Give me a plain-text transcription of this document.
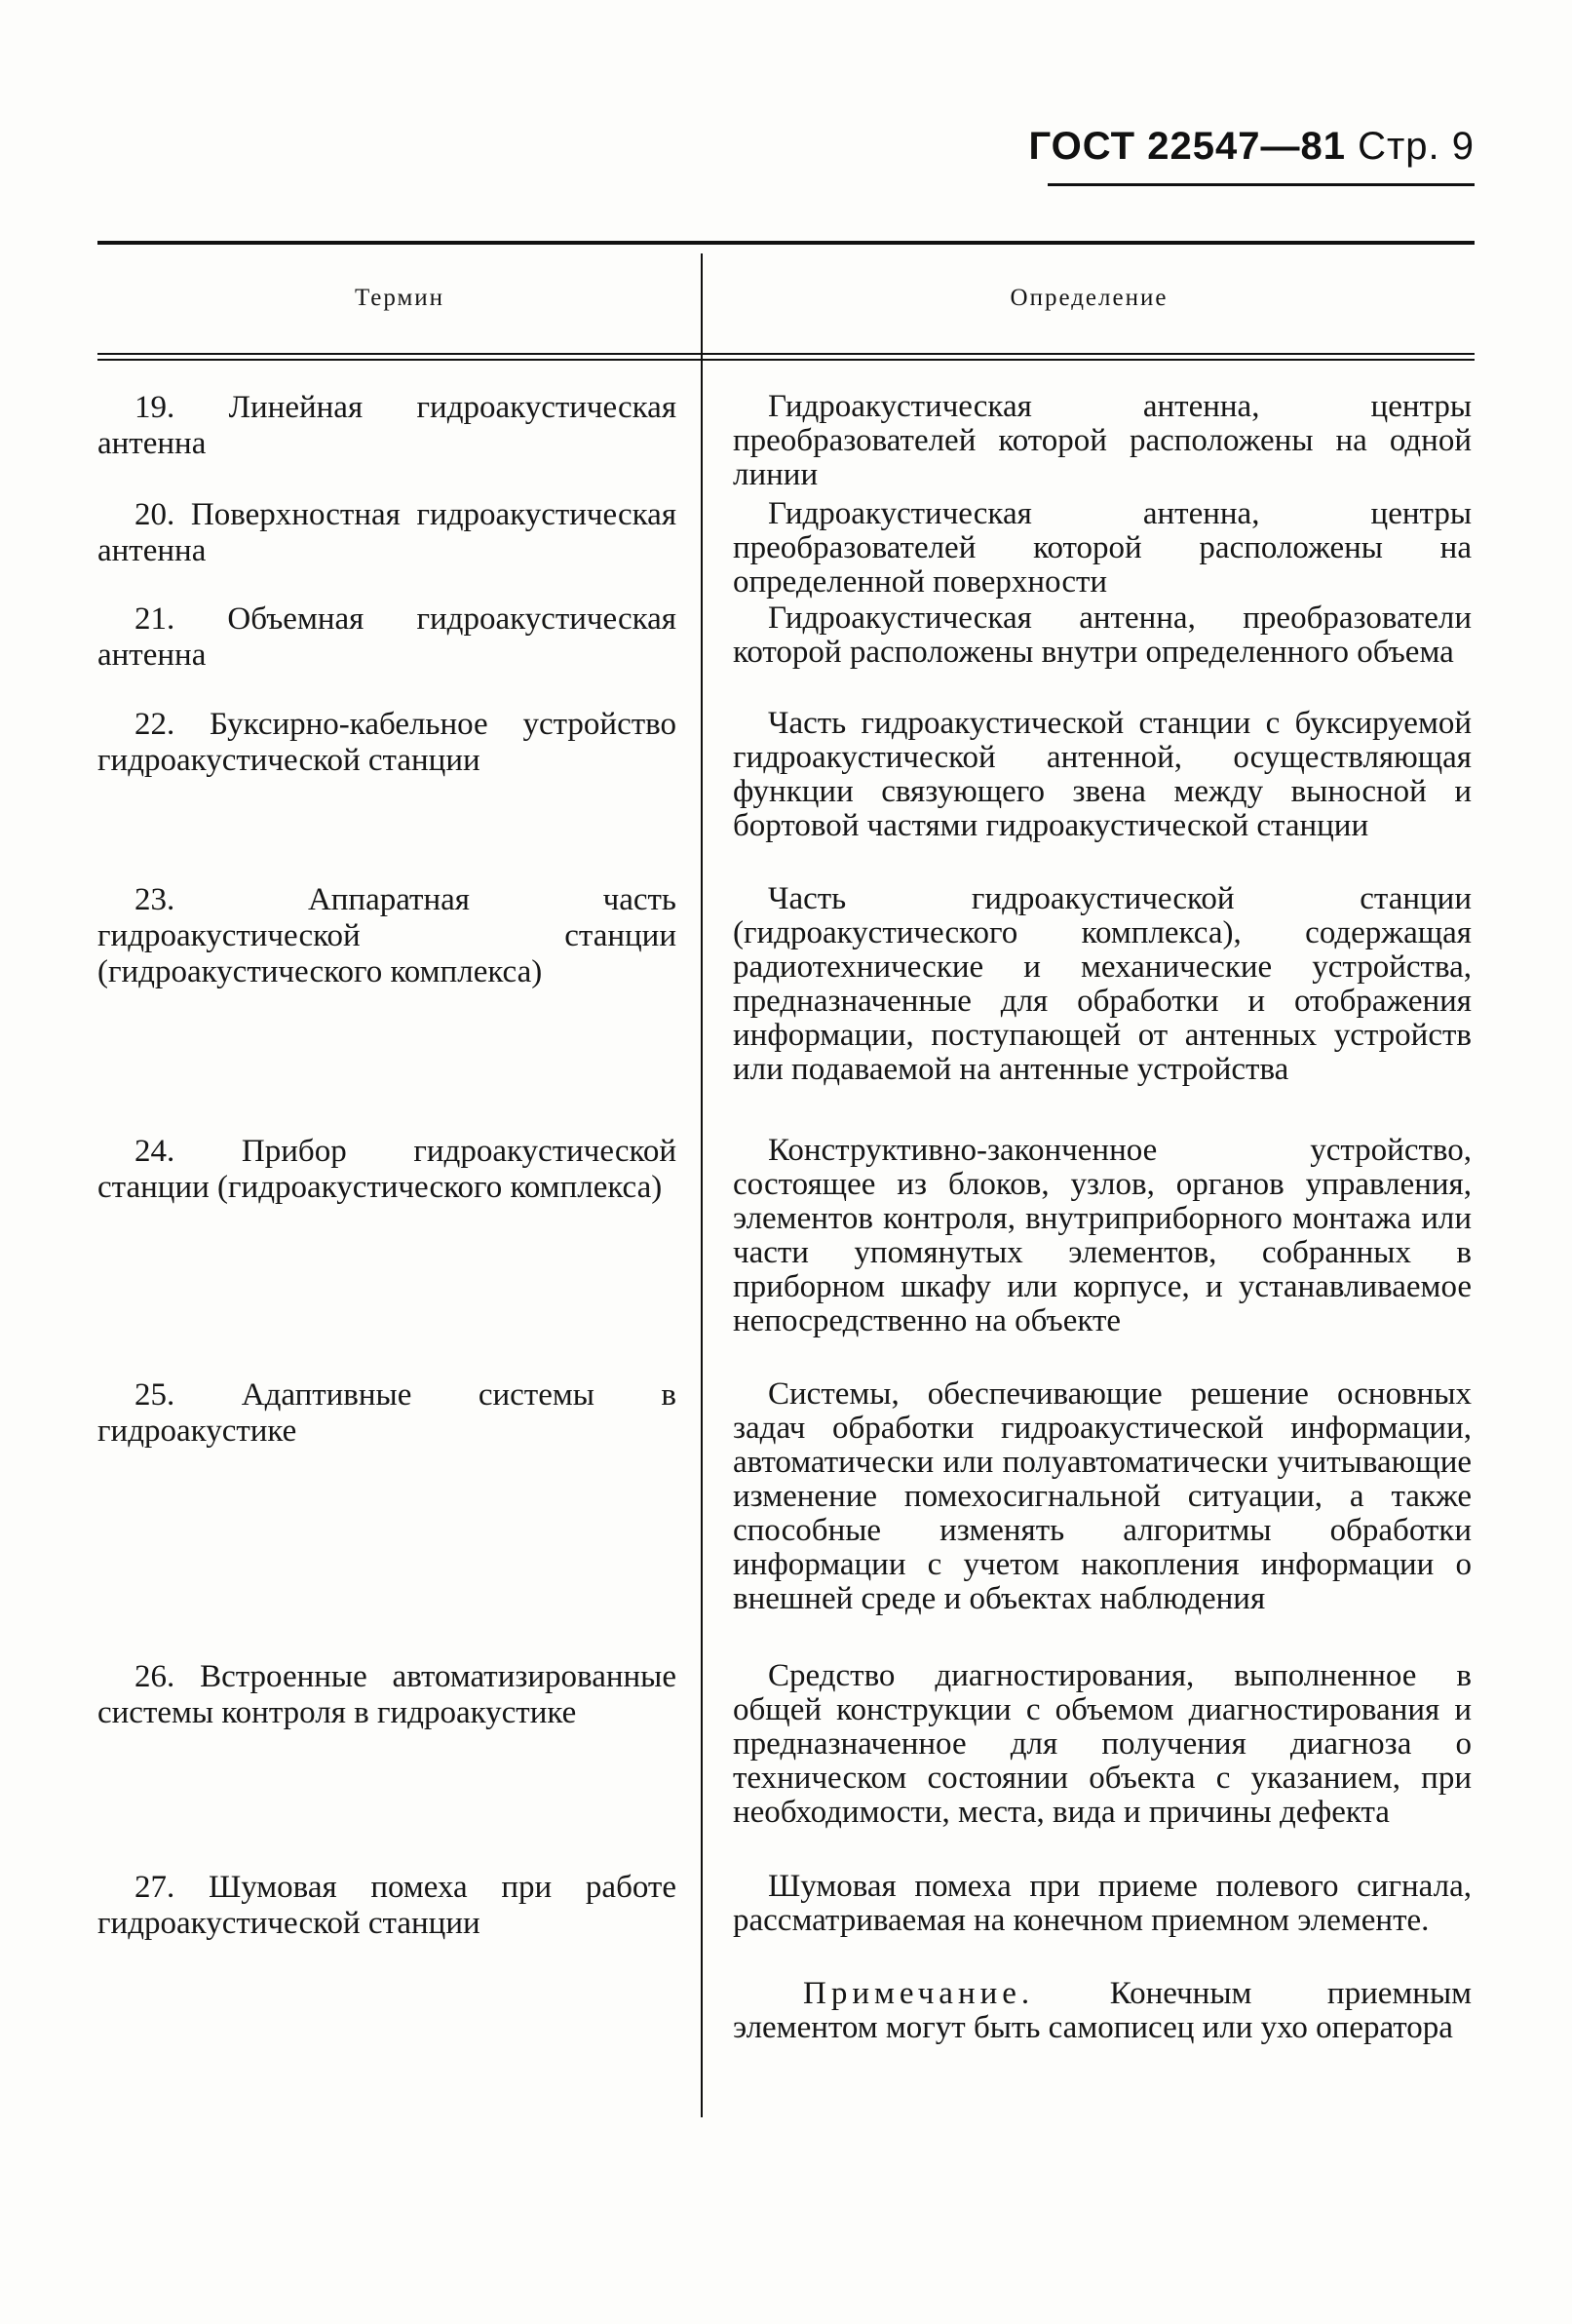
ГОСТ 22547—81 Стр. 9
Термин	Определение
19. Линейная гидроакустическая антенна
Гидроакустическая антенна, центры преобразователей которой расположены на одной линии
20. Поверхностная гидроакустическая антенна
Гидроакустическая антенна, центры преобразователей которой расположены на определенной поверхности
21. Объемная гидроакустическая антенна
Гидроакустическая антенна, преобразователи которой расположены внутри определенного объема
22. Буксирно-кабельное устройство гидроакустической станции
Часть гидроакустической станции с буксируемой гидроакустической антенной, осуществляющая функции связующего звена между выносной и бортовой частями гидроакустической станции
23. Аппаратная часть гидроакустической станции (гидроакустического комплекса)
Часть гидроакустической станции (гидроакустического комплекса), содержащая радиотехнические и механические устройства, предназначенные для обработки и отображения информации, поступающей от антенных устройств или подаваемой на антенные устройства
24. Прибор гидроакустической станции (гидроакустического комплекса)
Конструктивно-законченное устройство, состоящее из блоков, узлов, органов управления, элементов контроля, внутриприборного монтажа или части упомянутых элементов, собранных в приборном шкафу или корпусе, и устанавливаемое непосредственно на объекте
25. Адаптивные системы в гидроакустике
Системы, обеспечивающие решение основных задач обработки гидроакустической информации, автоматически или полуавтоматически учитывающие изменение помехосигнальной ситуации, а также способные изменять алгоритмы обработки информации с учетом накопления информации о внешней среде и объектах наблюдения
26. Встроенные автоматизированные системы контроля в гидроакустике
Средство диагностирования, выполненное в общей конструкции с объемом диагностирования и предназначенное для получения диагноза о техническом состоянии объекта с указанием, при необходимости, места, вида и причины дефекта
27. Шумовая помеха при работе гидроакустической станции
Шумовая помеха при приеме полевого сигнала, рассматриваемая на конечном приемном элементе.
Примечание. Конечным приемным элементом могут быть самописец или ухо оператора
